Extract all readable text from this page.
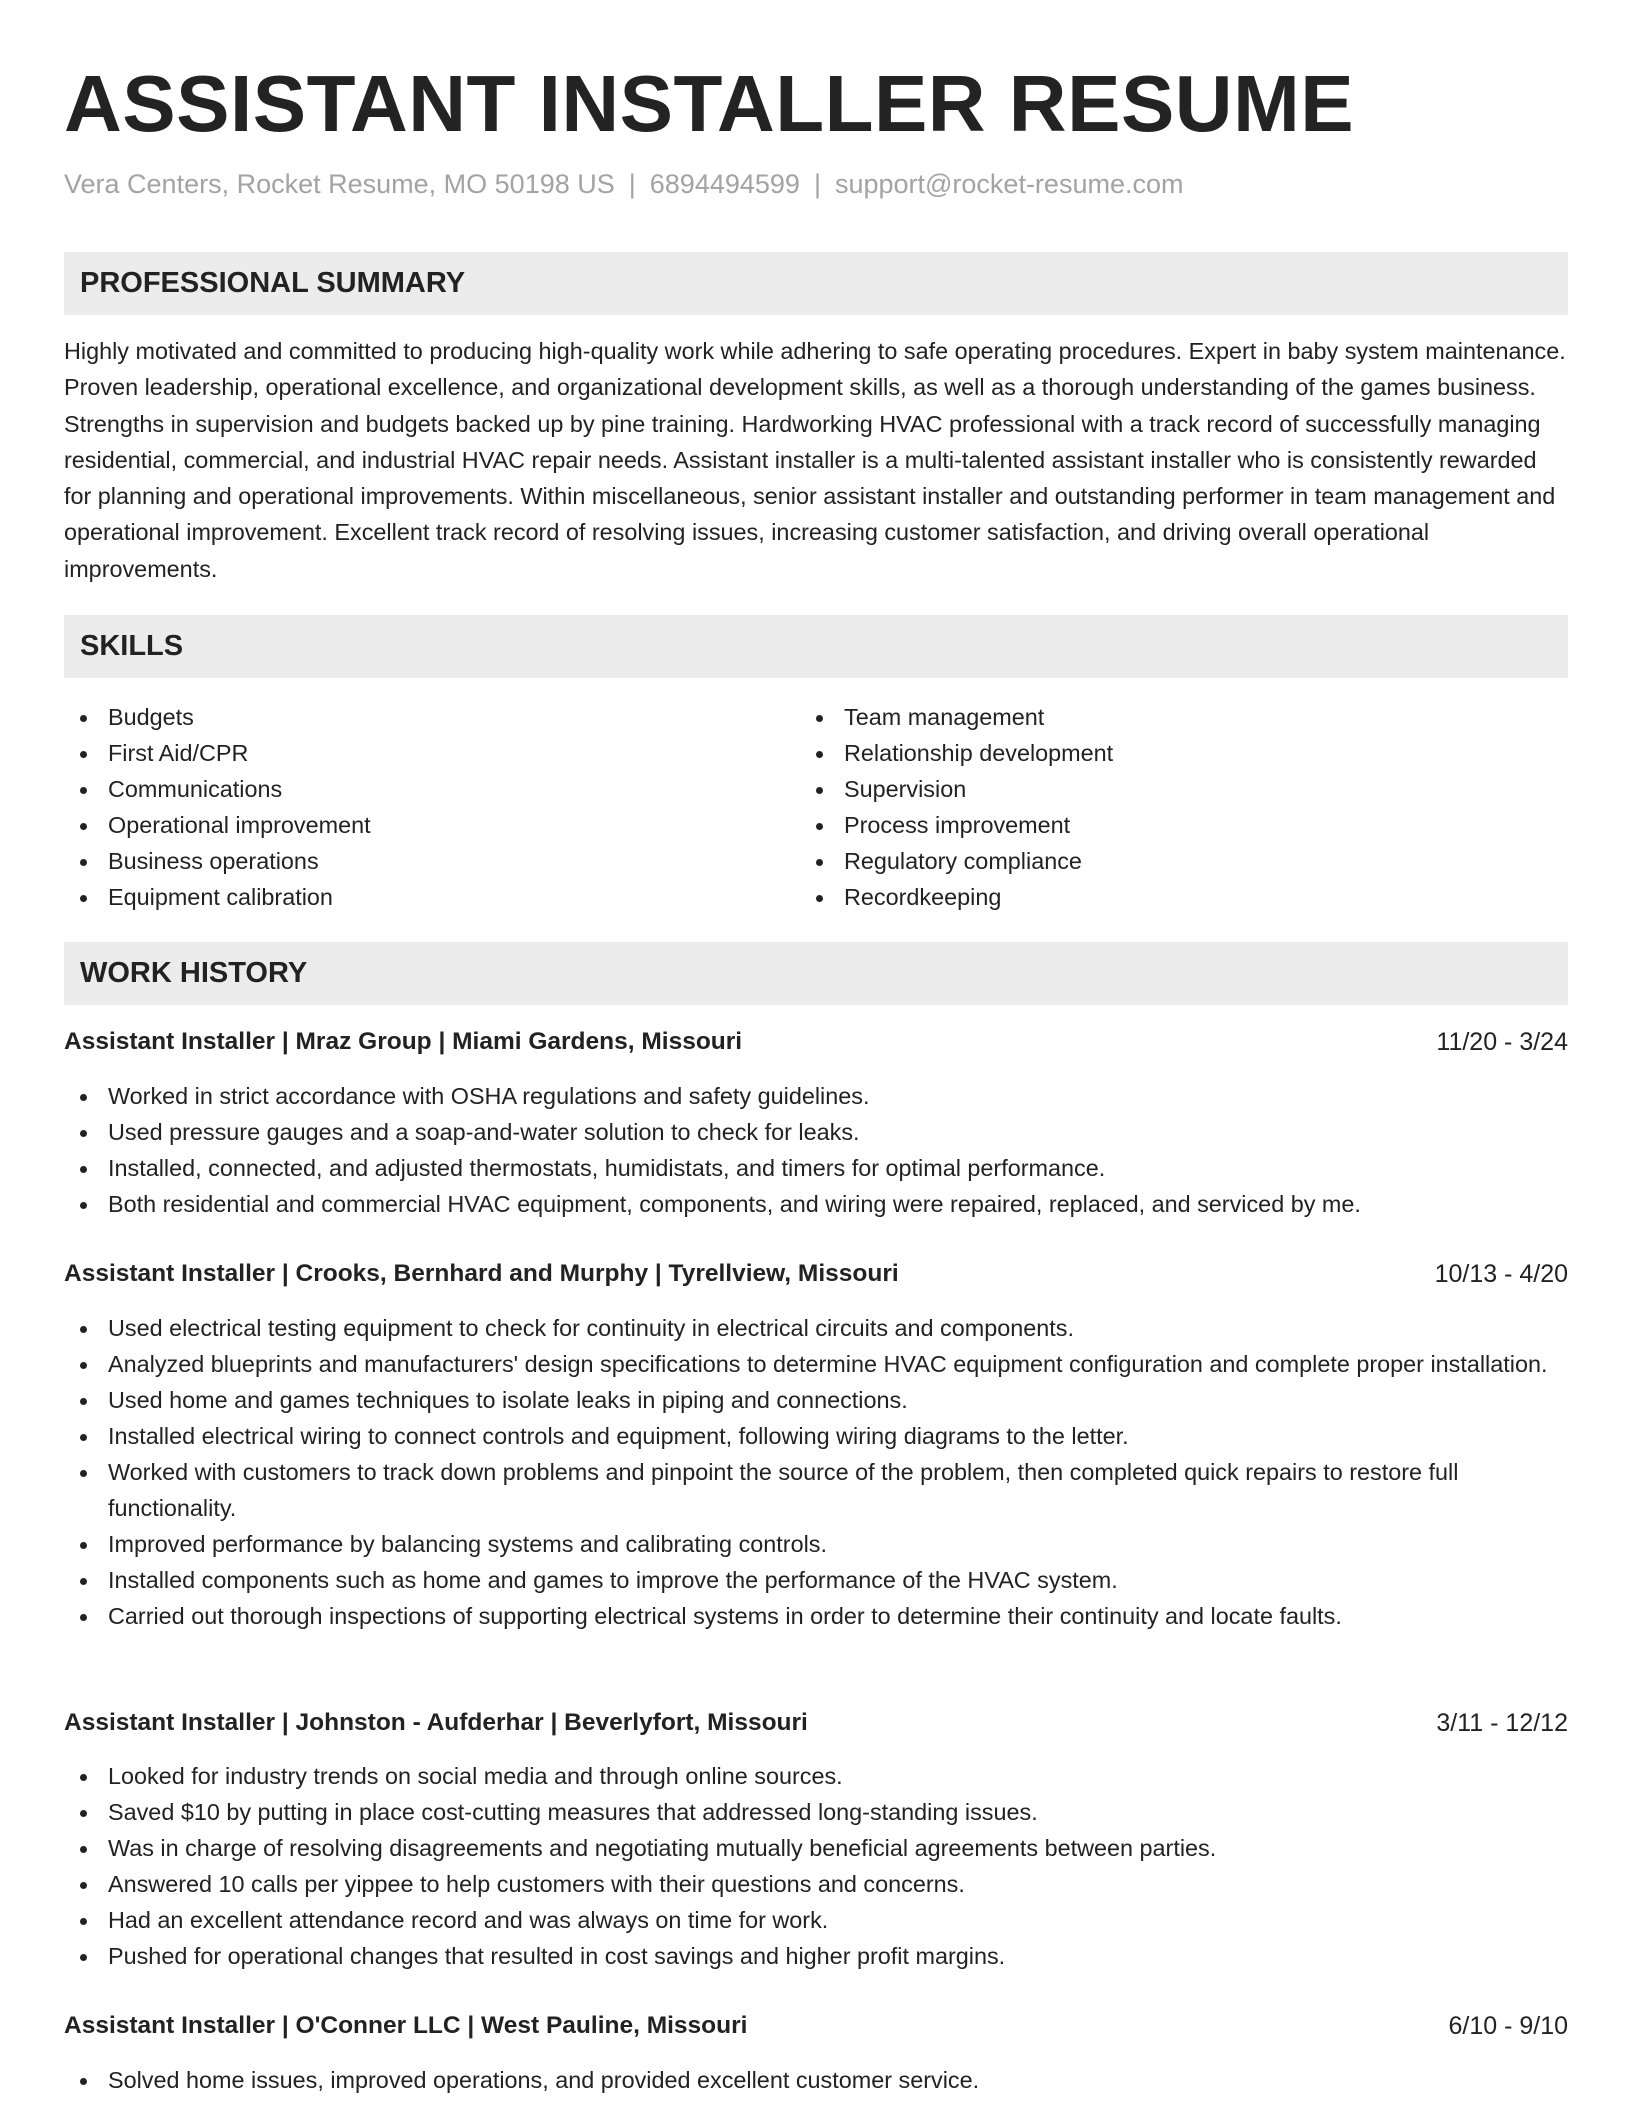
ASSISTANT INSTALLER RESUME
Vera Centers, Rocket Resume, MO 50198 US | 6894494599 | support@rocket-resume.com
PROFESSIONAL SUMMARY

Highly motivated and committed to producing high-quality work while adhering to safe operating procedures. Expert in baby system maintenance. Proven leadership, operational excellence, and organizational development skills, as well as a thorough understanding of the games business. Strengths in supervision and budgets backed up by pine training. Hardworking HVAC professional with a track record of successfully managing residential, commercial, and industrial HVAC repair needs. Assistant installer is a multi-talented assistant installer who is consistently rewarded for planning and operational improvements. Within miscellaneous, senior assistant installer and outstanding performer in team management and operational improvement. Excellent track record of resolving issues, increasing customer satisfaction, and driving overall operational improvements.

SKILLS
Budgets
First Aid/CPR
Communications
Operational improvement
Business operations
Equipment calibration
Team management
Relationship development
Supervision
Process improvement
Regulatory compliance
Recordkeeping
WORK HISTORY
Assistant Installer | Mraz Group | Miami Gardens, Missouri	11/20 - 3/24
Worked in strict accordance with OSHA regulations and safety guidelines.
Used pressure gauges and a soap-and-water solution to check for leaks.
Installed, connected, and adjusted thermostats, humidistats, and timers for optimal performance.
Both residential and commercial HVAC equipment, components, and wiring were repaired, replaced, and serviced by me.
Assistant Installer | Crooks, Bernhard and Murphy | Tyrellview, Missouri	10/13 - 4/20
Used electrical testing equipment to check for continuity in electrical circuits and components.
Analyzed blueprints and manufacturers' design specifications to determine HVAC equipment configuration and complete proper installation.
Used home and games techniques to isolate leaks in piping and connections.
Installed electrical wiring to connect controls and equipment, following wiring diagrams to the letter.
Worked with customers to track down problems and pinpoint the source of the problem, then completed quick repairs to restore full functionality.
Improved performance by balancing systems and calibrating controls.
Installed components such as home and games to improve the performance of the HVAC system.
Carried out thorough inspections of supporting electrical systems in order to determine their continuity and locate faults.
Assistant Installer | Johnston - Aufderhar | Beverlyfort, Missouri	3/11 - 12/12
Looked for industry trends on social media and through online sources.
Saved $10 by putting in place cost-cutting measures that addressed long-standing issues.
Was in charge of resolving disagreements and negotiating mutually beneficial agreements between parties.
Answered 10 calls per yippee to help customers with their questions and concerns.
Had an excellent attendance record and was always on time for work.
Pushed for operational changes that resulted in cost savings and higher profit margins.
Assistant Installer | O'Conner LLC | West Pauline, Missouri	6/10 - 9/10
Solved home issues, improved operations, and provided excellent customer service.
